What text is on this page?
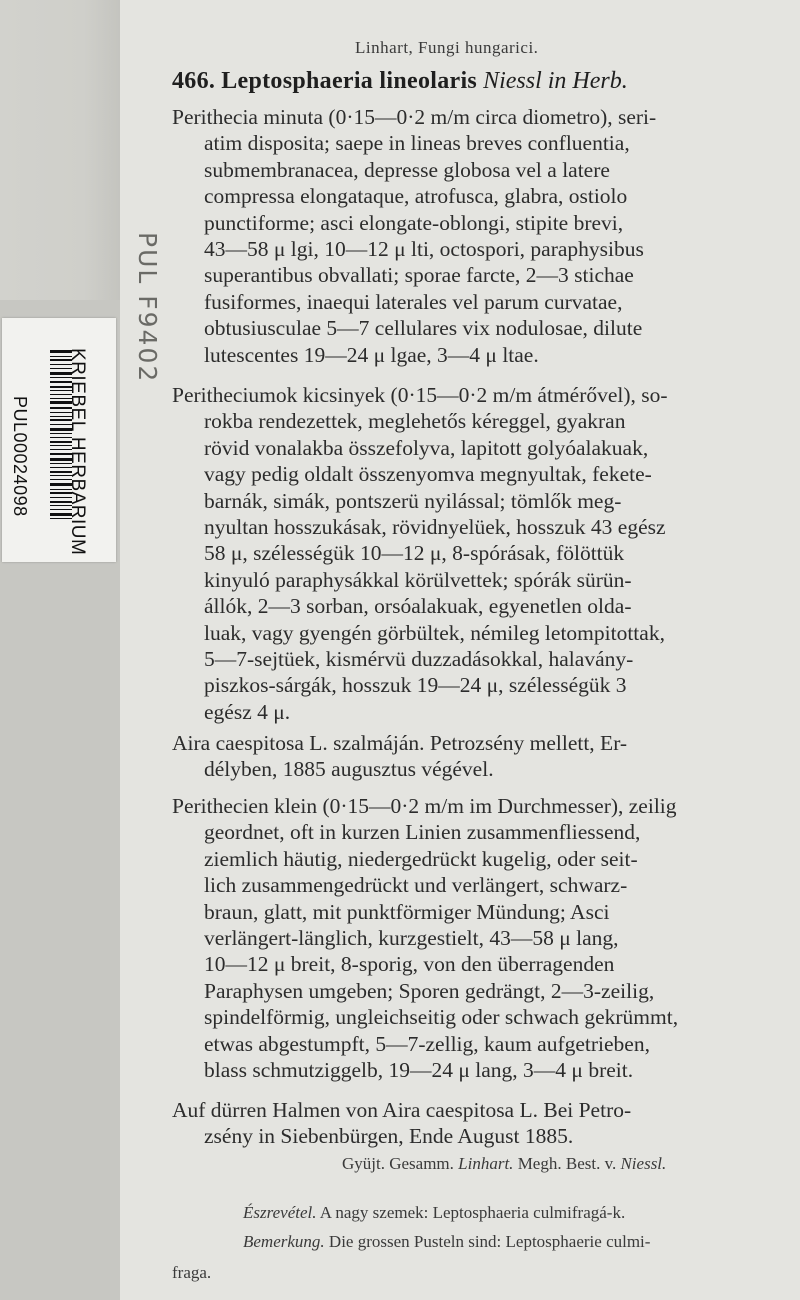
KRIEBEL HERBARIUM
PUL00024098
PUL F9402
Linhart, Fungi hungarici.
466. Leptosphaeria lineolaris Niessl in Herb.
Perithecia minuta (0·15—0·2 m/m circa diometro), seri-
atim disposita; saepe in lineas breves confluentia,
submembranacea, depresse globosa vel a latere
compressa elongataque, atrofusca, glabra, ostiolo
punctiforme; asci elongate-oblongi, stipite brevi,
43—58 μ lgi, 10—12 μ lti, octospori, paraphysibus
superantibus obvallati; sporae farcte, 2—3 stichae
fusiformes, inaequi laterales vel parum curvatae,
obtusiusculae 5—7 cellulares vix nodulosae, dilute
lutescentes 19—24 μ lgae, 3—4 μ ltae.
Peritheciumok kicsinyek (0·15—0·2 m/m átmérővel), so-
rokba rendezettek, meglehetős kéreggel, gyakran
rövid vonalakba összefolyva, lapitott golyóalakuak,
vagy pedig oldalt összenyomva megnyultak, fekete-
barnák, simák, pontszerü nyilással; tömlők meg-
nyultan hosszukásak, rövidnyelüek, hosszuk 43 egész
58 μ, szélességük 10—12 μ, 8-spórásak, fölöttük
kinyuló paraphysákkal körülvettek; spórák sürün-
állók, 2—3 sorban, orsóalakuak, egyenetlen olda-
luak, vagy gyengén görbültek, némileg letompitottak,
5—7-sejtüek, kismérvü duzzadásokkal, halavány-
piszkos-sárgák, hosszuk 19—24 μ, szélességük 3
egész 4 μ.
Aira caespitosa L. szalmáján. Petrozsény mellett, Er-
délyben, 1885 augusztus végével.
Perithecien klein (0·15—0·2 m/m im Durchmesser), zeilig
geordnet, oft in kurzen Linien zusammenfliessend,
ziemlich häutig, niedergedrückt kugelig, oder seit-
lich zusammengedrückt und verlängert, schwarz-
braun, glatt, mit punktförmiger Mündung; Asci
verlängert-länglich, kurzgestielt, 43—58 μ lang,
10—12 μ breit, 8-sporig, von den überragenden
Paraphysen umgeben; Sporen gedrängt, 2—3-zeilig,
spindelförmig, ungleichseitig oder schwach gekrümmt,
etwas abgestumpft, 5—7-zellig, kaum aufgetrieben,
blass schmutziggelb, 19—24 μ lang, 3—4 μ breit.
Auf dürren Halmen von Aira caespitosa L. Bei Petro-
zsény in Siebenbürgen, Ende August 1885.
Gyüjt. Gesamm. Linhart. Megh. Best. v. Niessl.
Észrevétel. A nagy szemek: Leptosphaeria culmifragá-k.
Bemerkung. Die grossen Pusteln sind: Leptosphaerie culmi-
fraga.
